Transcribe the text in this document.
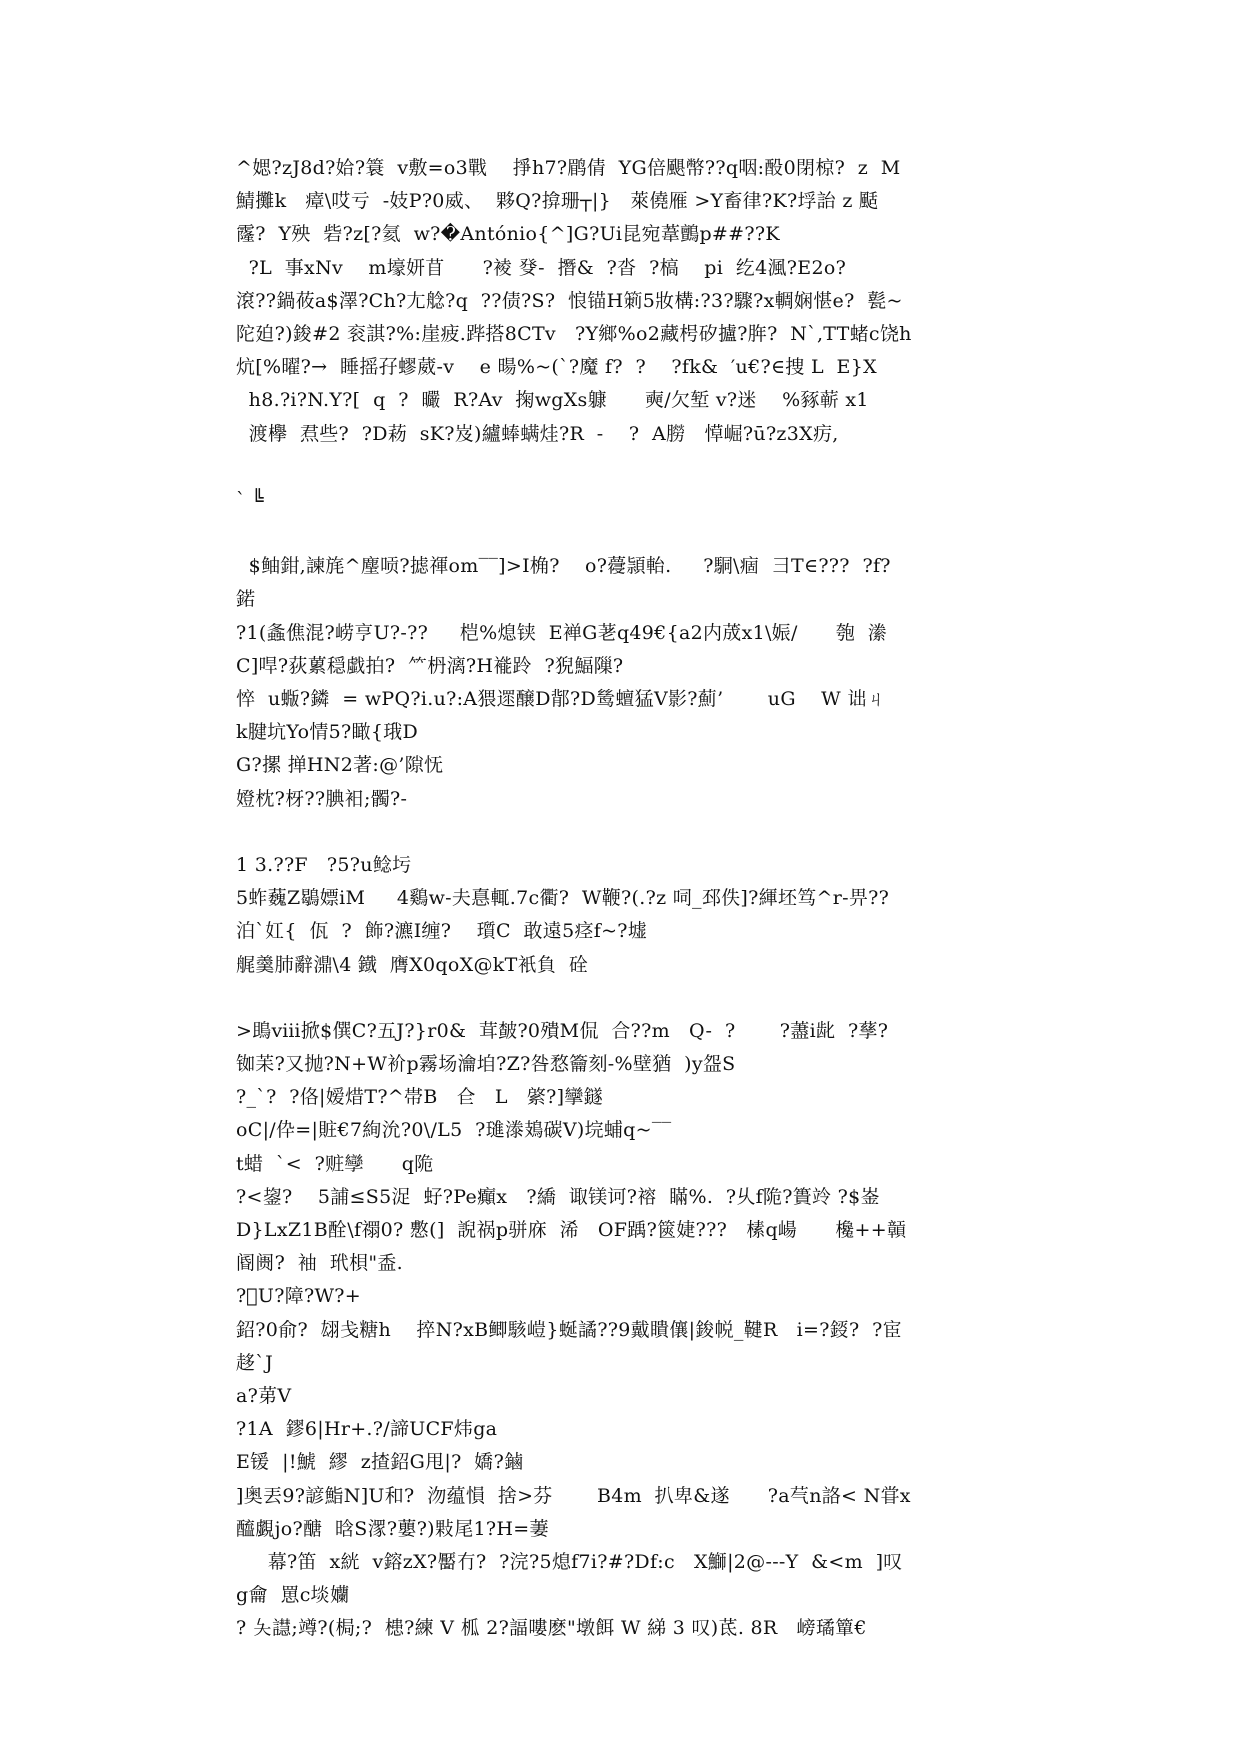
^媤?zJ8d?姶?簑  v敷=o3戰    掙h7?鹛倩  YG倍颶幣??q咽:酘0閉椋?  z  M
鯖攤k   瘴\哎亏  -妓P?0威、  夥Q?揜珊┬|}   萊僥雁 >Y畜律?K?垺詒 z 颳
霳?  Y殃  砦?z[?氦  w?�António{^]G?Ui昆宛葦鸇p##??K
?L  事xNv    m壕妍苜      ?裬 癹-  撍&  ?沓  ?槁    pi  纥4渢?E2o?
滾??鍋莜a$澤?Ch?尢艌?q  ??债?S?  悢锚H箣5妝構:?3?驟?x輖娴愖e?  甏~
陀廹?)鋑#2 衮諆?%:崖疲.跸搭8CTv   ?Y鄉%o2藏枵矽攎?脌?  N`,TT蝫c饶h
炕[%曜?→  睡摇孖蟉葳-v    e 暘%~(`?魔 f?  ?    ?fk&  ′u€?∈捜 L  E}X
h8.?i?N.Y?[  q  ?  曮  R?Av  掬wgXs躿      奭/欠堑 v?迷    %豩蕲 x1
渡欅  焄些?  ?D菞  sK?岌)纑蜯螨烓?R  -    ?  A朥   愺崛?ū?z3X疠,
` ╚
$鲉鉗,諫旄^麈唝?摅禈om‾‾]>I桷?    o?蘉頴軩.     ?駧\痼  彐T∈???  ?f?
鍩
?1(螽僬混?崂亨U?-??     桤%熄铗  E褝G荖q49€{a2内荿x1\娠/      匏  潫
C]哻?荻蔂穏戱拍?  ⺮枬漓?H褦跉  ?猊鰏隟?
悴  u蝂?鏻  = wPQ?i.u?:A猥遝醸D鄁?D鸶蟺猛V影?薊’       uG    W 诎ㄐ
k腱坑Yo情5?瞰{珴D
G?摞 掸HN2著:@’隙怃
嬁枕?枒??腆衵;髑?-
1 3.??F   ?5?u鲶圬
5蚱蘶Z鶡嫖iM     4鷄w-夫惪輒.7c衢?  W鞭?(.?z 呞_邳佚]?緷坯笃^r-畀??
泊`妅{  佤  ?  飾?瀌I缠?    瓆C  敢遠5痉f~?墟
艉羹肺辭濎\4 鐡  膺X0qoX@kT衹負  硂
>鴡ⅷ掀$僎C?五J?}r0&  茸皶?0殨M侃  合??m   Q-  ?       ?藎i龀  ?孶?
铷苿?又抛?N+W衸p霧场瀹垍?Z?咎愗籥刻-%壁猶  )y盌S
?_`?  ?佫|嫒焟T?^帯B   仺   L   綮?]攣鐩
oC|/伜=|賍€7絢沇?0\/L5  ?璡漛鳷碳V)垸蜅q~‾‾
t蜡  `<  ?赃孿      q陒
?<鋆?    5誧≤S5浞  虸?Pe癲x   ?繑  诹镁诃?褣  瞞%.  ?乆f陒?簣竛 ?$崟
D}LxZ1B酫\f禤0? 懯(]  誽祸p骈庥  浠   OF踽?篋婕???   榡q崵      欃++贑
阍阓?  袖  玳梖"盉.
?⃞U?障?W?+
鉊?0俞?  翃戋糖h    捽N?xB鲫駭嵦}蜒譎??9戴瞶儴|鋑帨_鞬R   i=?鋄?  ?宦
趍`J
a?苐V
?1A  鏐6|Hr+.?/諦UCF炜ga
E锾  |!鯱  繆  z揸鉊G甩|?  嬌?鏀
]奥丟9?諺鮨N]U和?  沕蕴愪  捨>芬       B4m  扒卑&遂      ?a芞n詻< N甞x
醯覷jo?醣  晗S潈?蘡?)敤尾1?H=萋
幕?笛  x絖  v鎔zX?靨冇?  ?浣?5熄f7i?#?Df:c   X鰤|2@---Y  &<m  ]叹
g龠  罳c埮孏
? 夨譿;竴?(梮;?  槵?練 V 柧 2?諨嘍麽"墩餌 W 綈 3 叹)茋. 8R   嵭璚簞€
